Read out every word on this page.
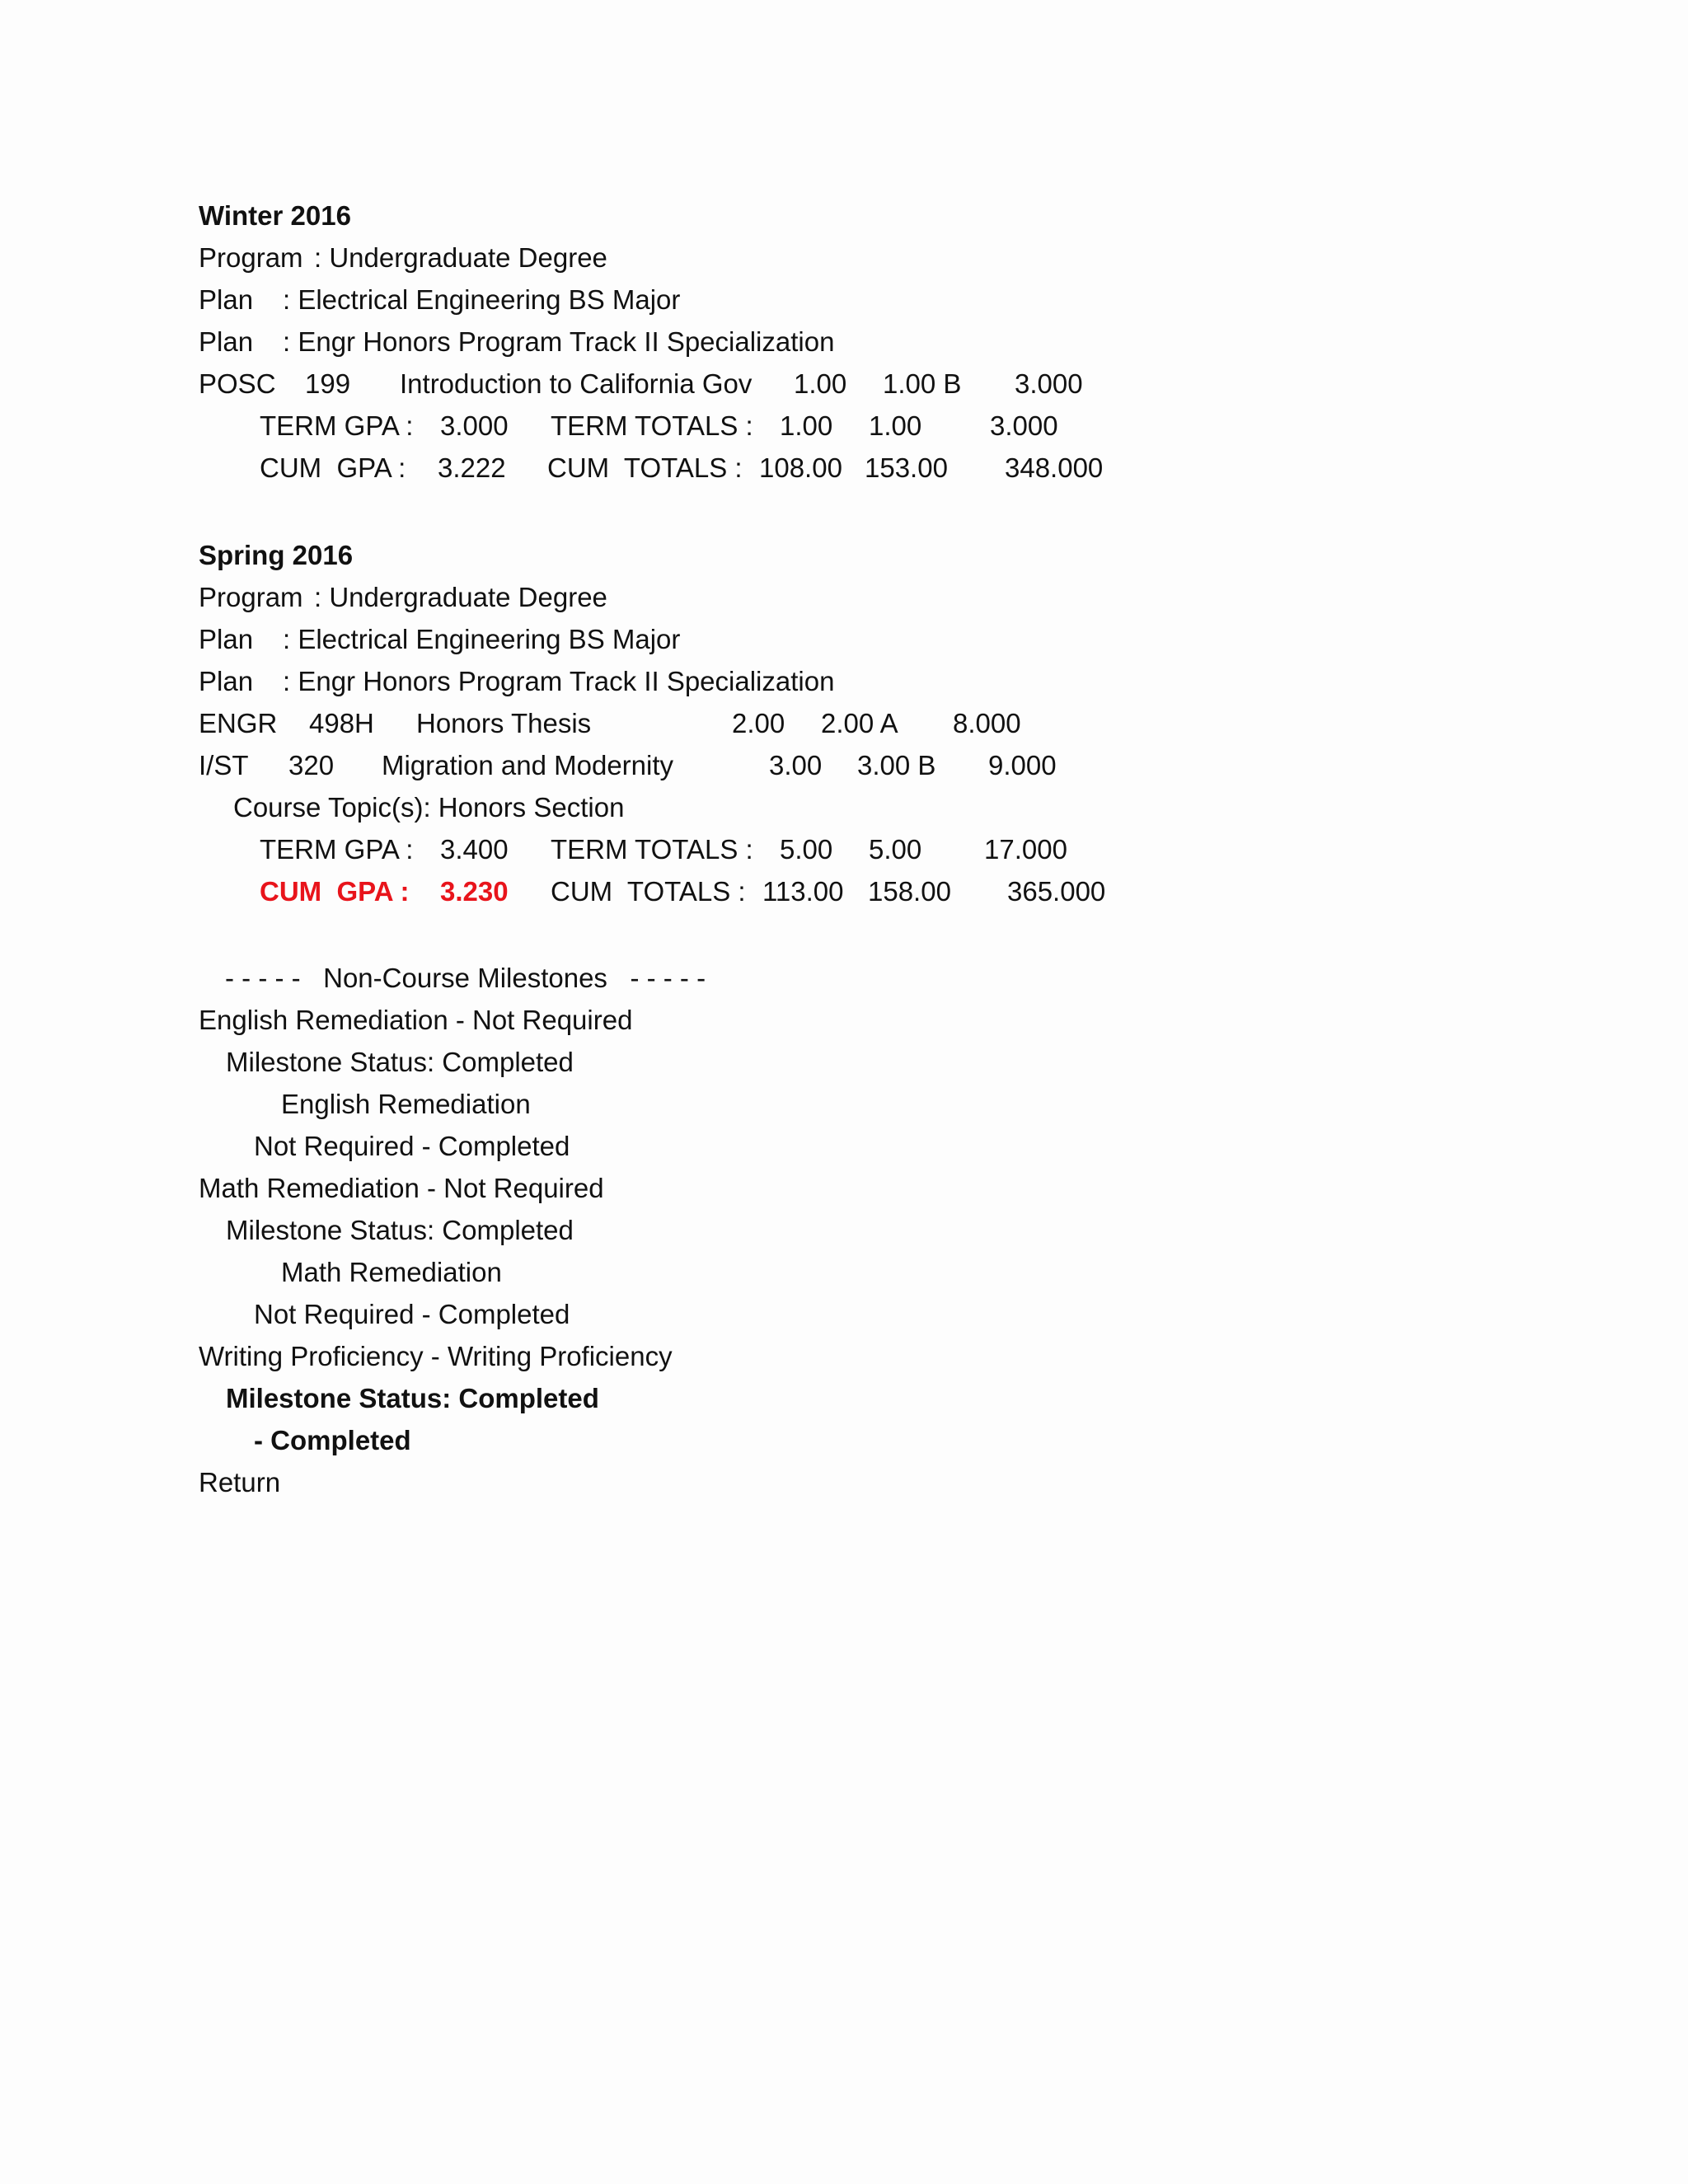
Winter 2016
Program : Undergraduate Degree
Plan : Electrical Engineering BS Major
Plan : Engr Honors Program Track II Specialization
POSC 199 Introduction to California Gov 1.00 1.00 B 3.000
TERM GPA : 3.000 TERM TOTALS : 1.00 1.00	3.000
CUM  GPA : 3.222 CUM  TOTALS : 108.00 153.00 348.000
Spring 2016
Program : Undergraduate Degree
Plan : Electrical Engineering BS Major
Plan : Engr Honors Program Track II Specialization
ENGR 498H Honors Thesis	2.00 2.00 A 8.000
I/ST 320 Migration and Modernity	3.00 3.00 B 9.000
Course Topic(s): Honors Section
TERM GPA : 3.400 TERM TOTALS : 5.00 5.00 17.000
CUM  GPA : 3.230 CUM  TOTALS : 113.00 158.00 365.000
- - - - -   Non-Course Milestones   - - - - -
English Remediation - Not Required
Milestone Status: Completed
English Remediation
Not Required - Completed
Math Remediation - Not Required
Milestone Status: Completed
Math Remediation
Not Required - Completed
Writing Proficiency - Writing Proficiency
Milestone Status: Completed
- Completed
Return
